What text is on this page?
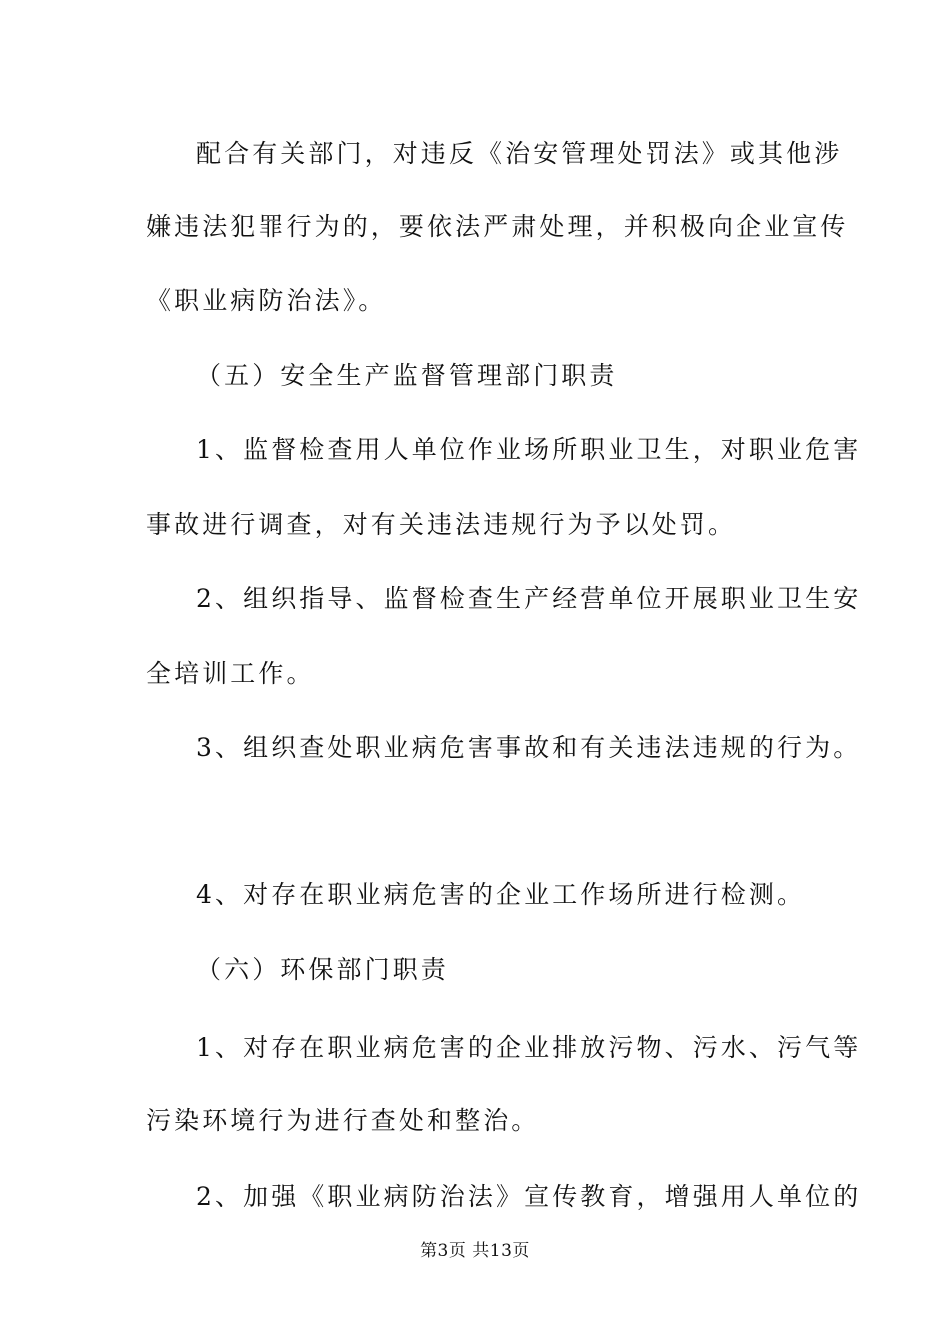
配合有关部门，对违反《治安管理处罚法》或其他涉
嫌违法犯罪行为的，要依法严肃处理，并积极向企业宣传
《职业病防治法》。
（五）安全生产监督管理部门职责
1、监督检查用人单位作业场所职业卫生，对职业危害
事故进行调查，对有关违法违规行为予以处罚。
2、组织指导、监督检查生产经营单位开展职业卫生安
全培训工作。
3、组织查处职业病危害事故和有关违法违规的行为。
4、对存在职业病危害的企业工作场所进行检测。
（六）环保部门职责
1、对存在职业病危害的企业排放污物、污水、污气等
污染环境行为进行查处和整治。
2、加强《职业病防治法》宣传教育，增强用人单位的
第3页 共13页
